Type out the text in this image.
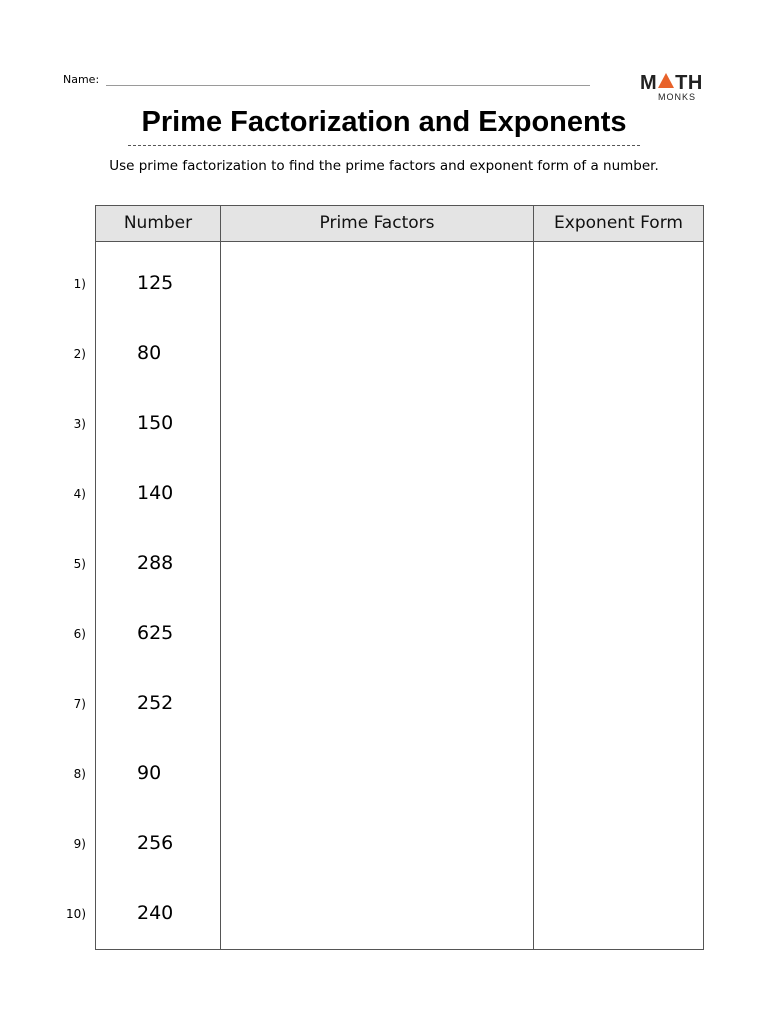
Name:	M TH
MONKS
Prime Factorization and Exponents
Use prime factorization to find the prime factors and exponent form of a number.
Number	Prime Factors	Exponent Form
1)	125
2)	80
3)	150
4)	140
5)	288
6)	625
7)	252
8)	90
9)	256
10)	240
